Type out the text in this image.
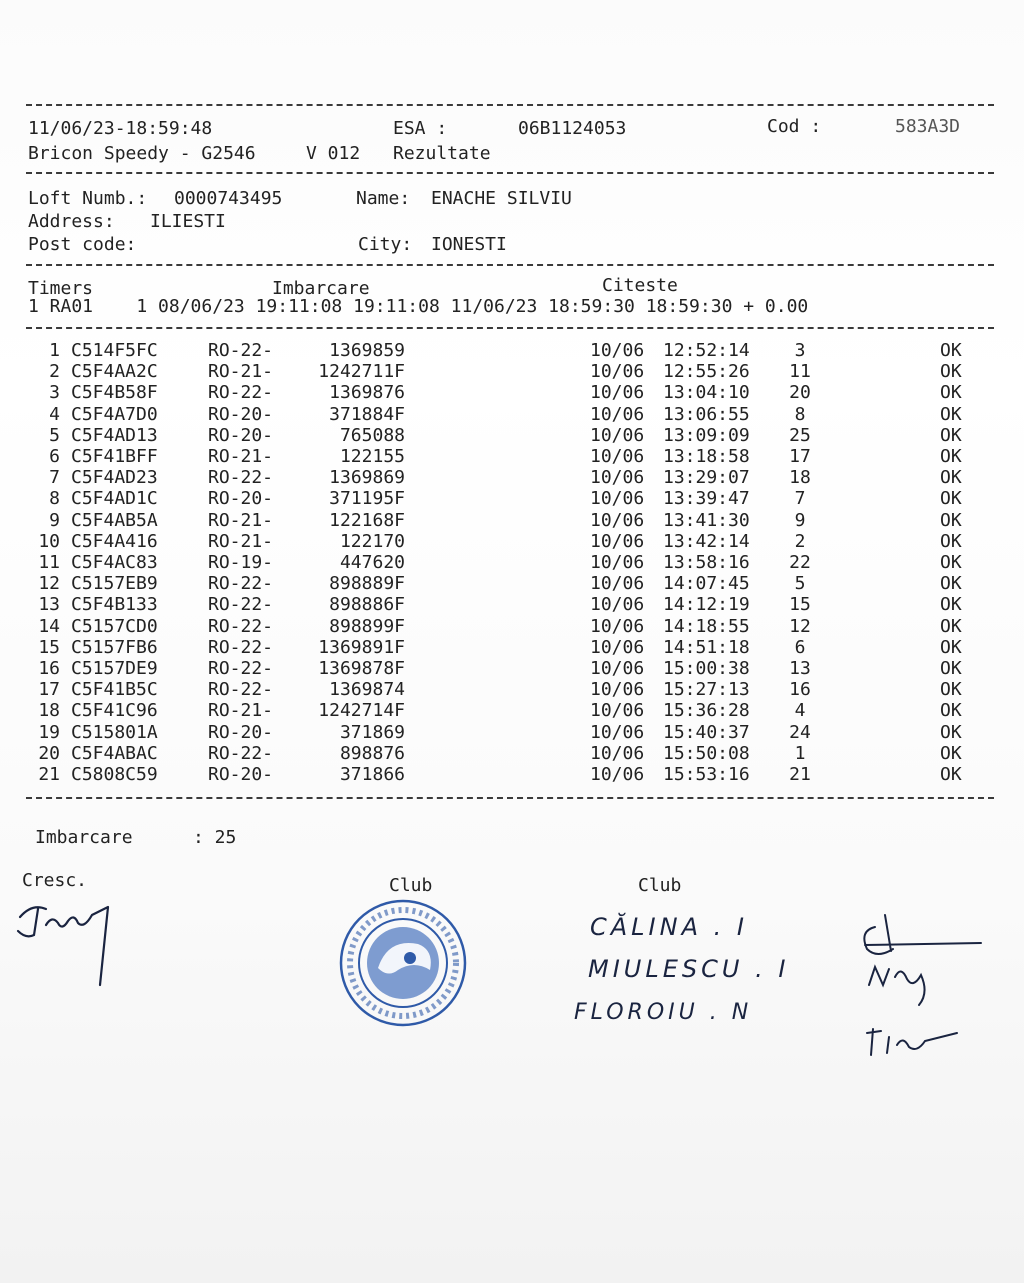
11/06/23-18:59:48	ESA :	06B1124053	Cod :	583A3D
Bricon Speedy - G2546	V 012 Rezultate
Loft Numb.: 0000743495	Name: ENACHE SILVIU
Address: ILIESTI
Post code:	City: IONESTI
Timers	Imbarcare	Citeste
1 RA01    1 08/06/23 19:11:08 19:11:08 11/06/23 18:59:30 18:59:30 + 0.00
1 C514F5FC	RO-22-	1369859	10/06 12:52:14	3	OK
2 C5F4AA2C	RO-21-	1242711F	10/06 12:55:26	11	OK
3 C5F4B58F	RO-22-	1369876	10/06 13:04:10	20	OK
4 C5F4A7D0	RO-20-	371884F	10/06 13:06:55	8	OK
5 C5F4AD13	RO-20-	765088	10/06 13:09:09	25	OK
6 C5F41BFF	RO-21-	122155	10/06 13:18:58	17	OK
7 C5F4AD23	RO-22-	1369869	10/06 13:29:07	18	OK
8 C5F4AD1C	RO-20-	371195F	10/06 13:39:47	7	OK
9 C5F4AB5A	RO-21-	122168F	10/06 13:41:30	9	OK
10 C5F4A416	RO-21-	122170	10/06 13:42:14	2	OK
11 C5F4AC83	RO-19-	447620	10/06 13:58:16	22	OK
12 C5157EB9	RO-22-	898889F	10/06 14:07:45	5	OK
13 C5F4B133	RO-22-	898886F	10/06 14:12:19	15	OK
14 C5157CD0	RO-22-	898899F	10/06 14:18:55	12	OK
15 C5157FB6	RO-22-	1369891F	10/06 14:51:18	6	OK
16 C5157DE9	RO-22-	1369878F	10/06 15:00:38	13	OK
17 C5F41B5C	RO-22-	1369874	10/06 15:27:13	16	OK
18 C5F41C96	RO-21-	1242714F	10/06 15:36:28	4	OK
19 C515801A	RO-20-	371869	10/06 15:40:37	24	OK
20 C5F4ABAC	RO-22-	898876	10/06 15:50:08	1	OK
21 C5808C59	RO-20-	371866	10/06 15:53:16	21	OK
Imbarcare	: 25
Cresc.	Club	Club
CĂLINA . I
MIULESCU . I
FLOROIU . N
